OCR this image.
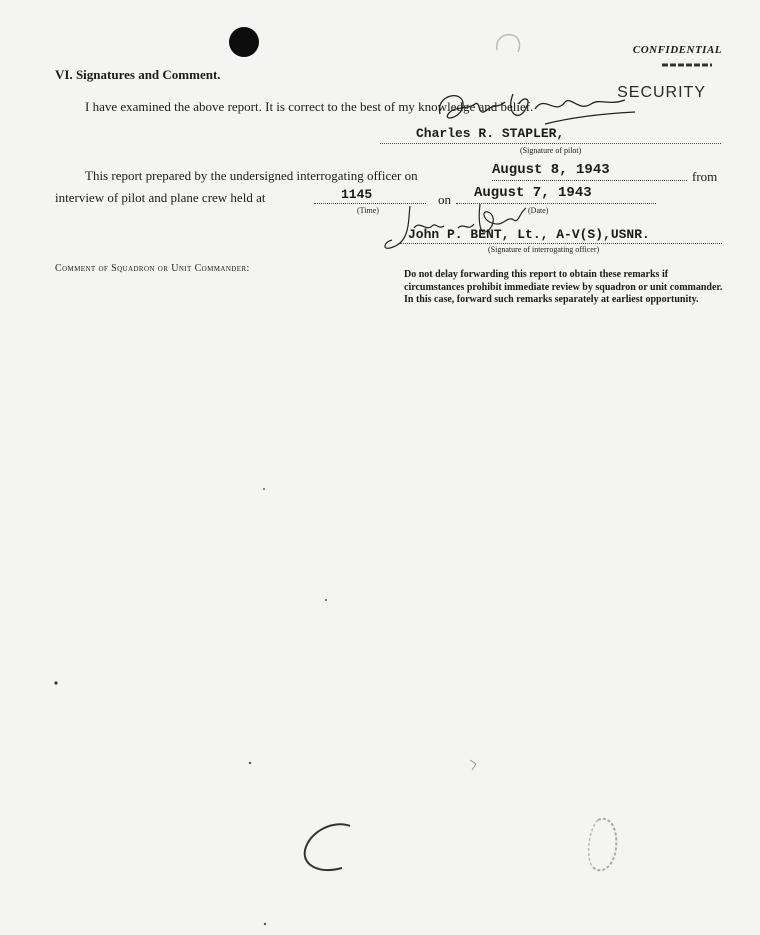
CONFIDENTIAL
SECURITY
VI. Signatures and Comment.
I have examined the above report. It is correct to the best of my knowledge and belief.
Charles R. STAPLER,
(Signature of pilot)
This report prepared by the undersigned interrogating officer on	August 8, 1943	from
interview of pilot and plane crew held at	1145
(Time)
on August 7, 1943
(Date)
John P. BENT, Lt., A-V(S),USNR.
(Signature of interrogating officer)
Comment of Squadron or Unit Commander:
Do not delay forwarding this report to obtain these remarks if circumstances prohibit immediate review by squadron or unit commander. In this case, forward such remarks separately at earliest opportunity.
